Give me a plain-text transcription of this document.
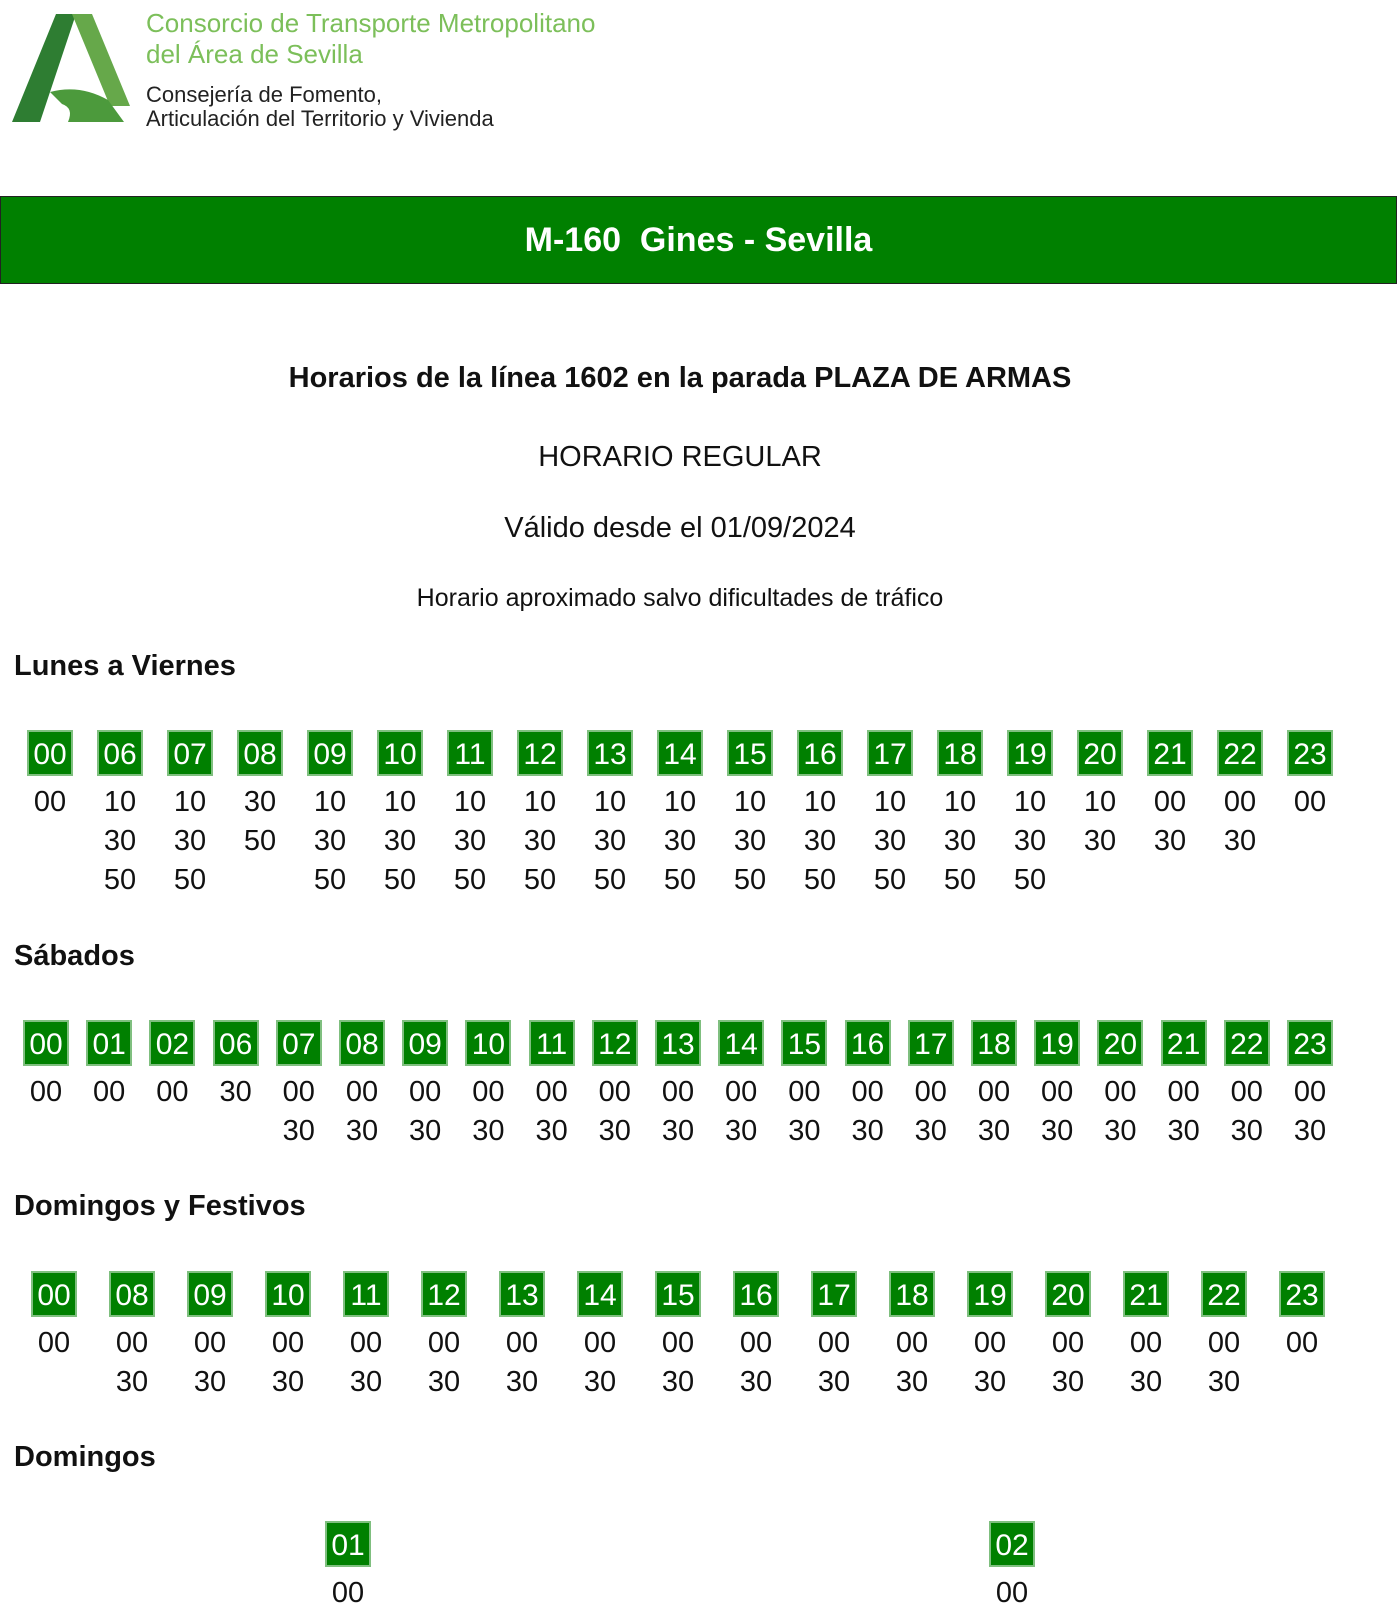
Consorcio de Transporte Metropolitano
del Área de Sevilla
Consejería de Fomento,
Articulación del Territorio y Vivienda
M-160  Gines - Sevilla
Horarios de la línea 1602 en la parada PLAZA DE ARMAS
HORARIO REGULAR
Válido desde el 01/09/2024
Horario aproximado salvo dificultades de tráfico
Lunes a Viernes
Sábados
Domingos y Festivos
Domingos
00
00
06
10
30
50
07
10
30
50
08
30
50
09
10
30
50
10
10
30
50
11
10
30
50
12
10
30
50
13
10
30
50
14
10
30
50
15
10
30
50
16
10
30
50
17
10
30
50
18
10
30
50
19
10
30
50
20
10
30
21
00
30
22
00
30
23
00
00
00
01
00
02
00
06
30
07
00
30
08
00
30
09
00
30
10
00
30
11
00
30
12
00
30
13
00
30
14
00
30
15
00
30
16
00
30
17
00
30
18
00
30
19
00
30
20
00
30
21
00
30
22
00
30
23
00
30
00
00
08
00
30
09
00
30
10
00
30
11
00
30
12
00
30
13
00
30
14
00
30
15
00
30
16
00
30
17
00
30
18
00
30
19
00
30
20
00
30
21
00
30
22
00
30
23
00
01
00
02
00
